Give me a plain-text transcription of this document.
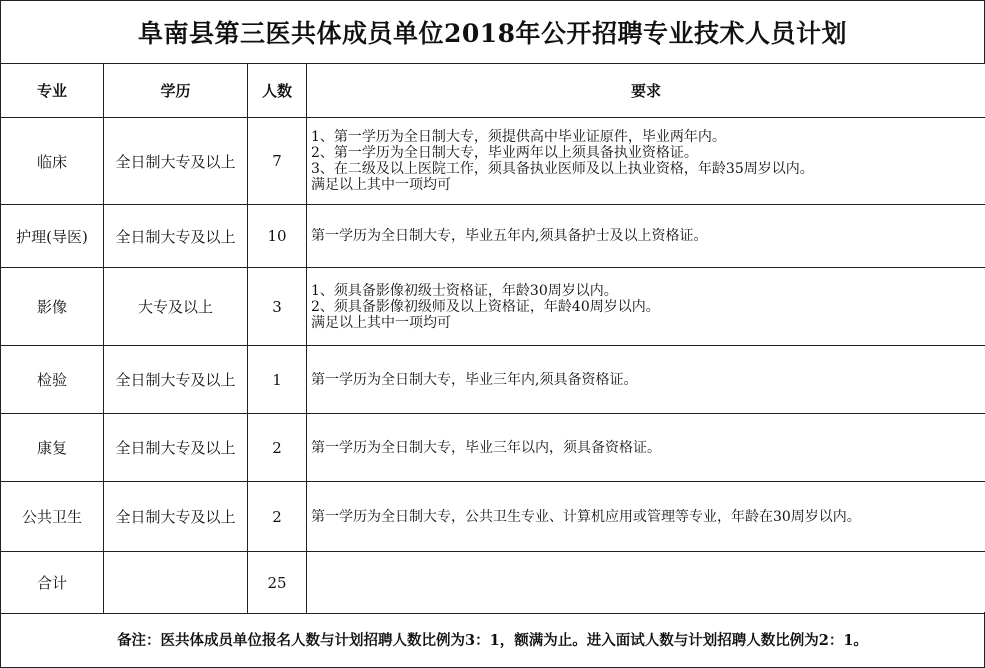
阜南县第三医共体成员单位2018年公开招聘专业技术人员计划
专业	学历	人数	要求
临床	全日制大专及以上	7	1、第一学历为全日制大专，须提供高中毕业证原件，毕业两年内。
2、第一学历为全日制大专，毕业两年以上须具备执业资格证。
3、在二级及以上医院工作，须具备执业医师及以上执业资格，年龄35周岁以内。
满足以上其中一项均可

护理(导医)	全日制大专及以上	10	第一学历为全日制大专，毕业五年内,须具备护士及以上资格证。

影像	大专及以上	3	1、须具备影像初级士资格证，年龄30周岁以内。
2、须具备影像初级师及以上资格证，年龄40周岁以内。
满足以上其中一项均可

检验	全日制大专及以上	1	第一学历为全日制大专，毕业三年内,须具备资格证。

康复	全日制大专及以上	2	第一学历为全日制大专，毕业三年以内，须具备资格证。

公共卫生	全日制大专及以上	2	第一学历为全日制大专，公共卫生专业、计算机应用或管理等专业，年龄在30周岁以内。

合计		25	
备注：医共体成员单位报名人数与计划招聘人数比例为3：1，额满为止。进入面试人数与计划招聘人数比例为2：1。
